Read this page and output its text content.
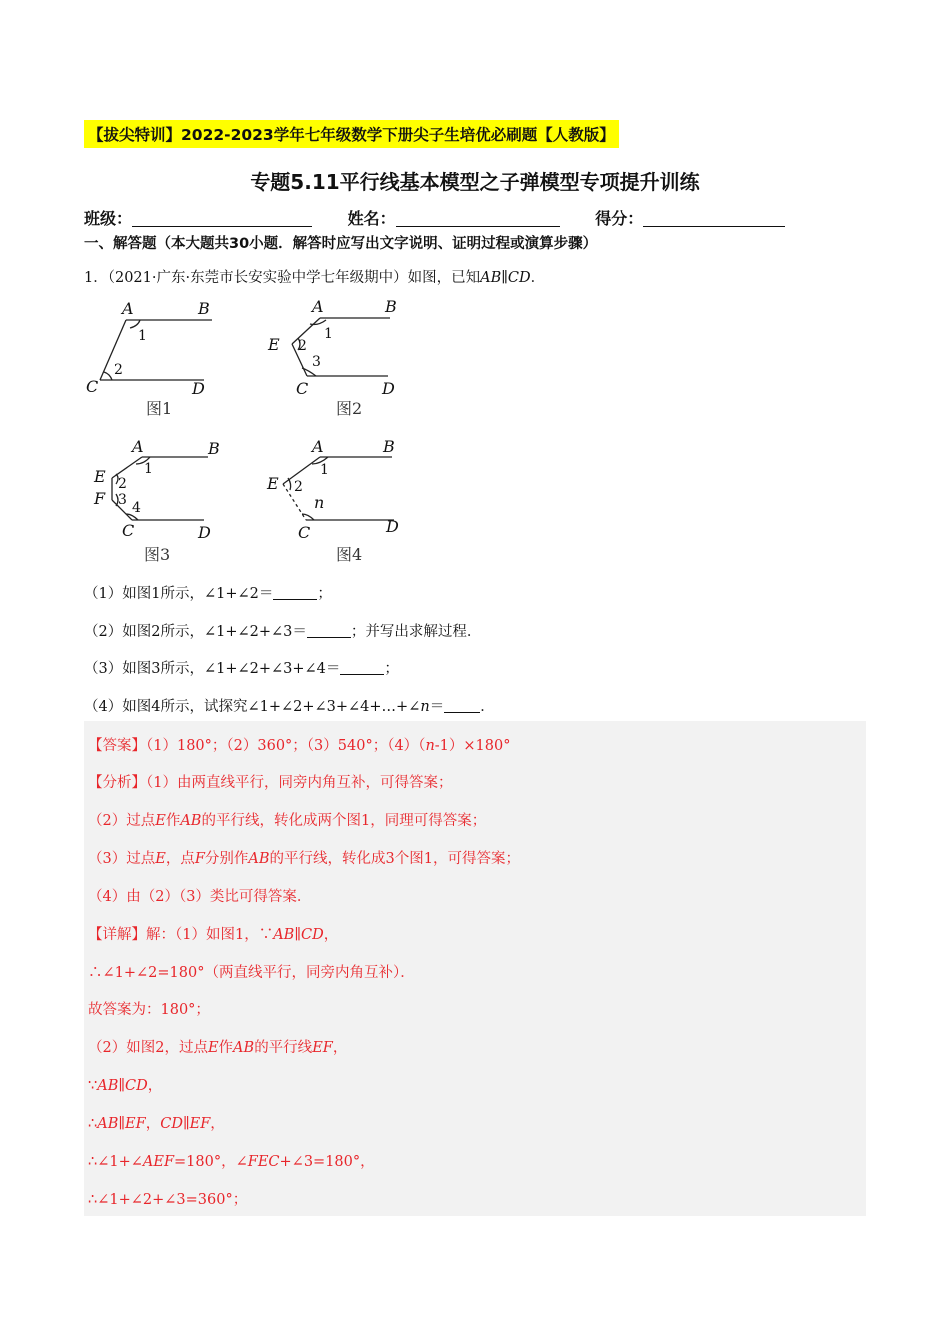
【拔尖特训】2022-2023学年七年级数学下册尖子生培优必刷题【人教版】
专题5.11平行线基本模型之子弹模型专项提升训练
班级：	姓名：	得分：
一、解答题（本大题共30小题．解答时应写出文字说明、证明过程或演算步骤）
1．（2021·广东·东莞市长安实验中学七年级期中）如图，已知AB∥CD．
A	B
C	D
A	B
E
C	D
A	B
E
F
C	D
A	B
E
C	D
n
1
2
1
2
3
1
2
3 4
1
2
图1	图2
图3	图4
（1）如图1所示，∠1+∠2＝	；
（2）如图2所示，∠1+∠2+∠3＝	；并写出求解过程．
（3）如图3所示，∠1+∠2+∠3+∠4＝	；
（4）如图4所示，试探究∠1+∠2+∠3+∠4+…+∠n＝ ．
【答案】（1）180°；（2）360°；（3）540°；（4）（n-1）×180°
【分析】（1）由两直线平行，同旁内角互补，可得答案；
（2）过点E作AB的平行线，转化成两个图1，同理可得答案；
（3）过点E，点F分别作AB的平行线，转化成3个图1，可得答案；
（4）由（2）（3）类比可得答案．
【详解】解：（1）如图1，∵AB∥CD，
∴∠1+∠2=180°（两直线平行，同旁内角互补）．
故答案为：180°；
（2）如图2，过点E作AB的平行线EF，
∵AB∥CD，
∴AB∥EF，CD∥EF，
∴∠1+∠AEF=180°，∠FEC+∠3=180°，
∴∠1+∠2+∠3=360°；
